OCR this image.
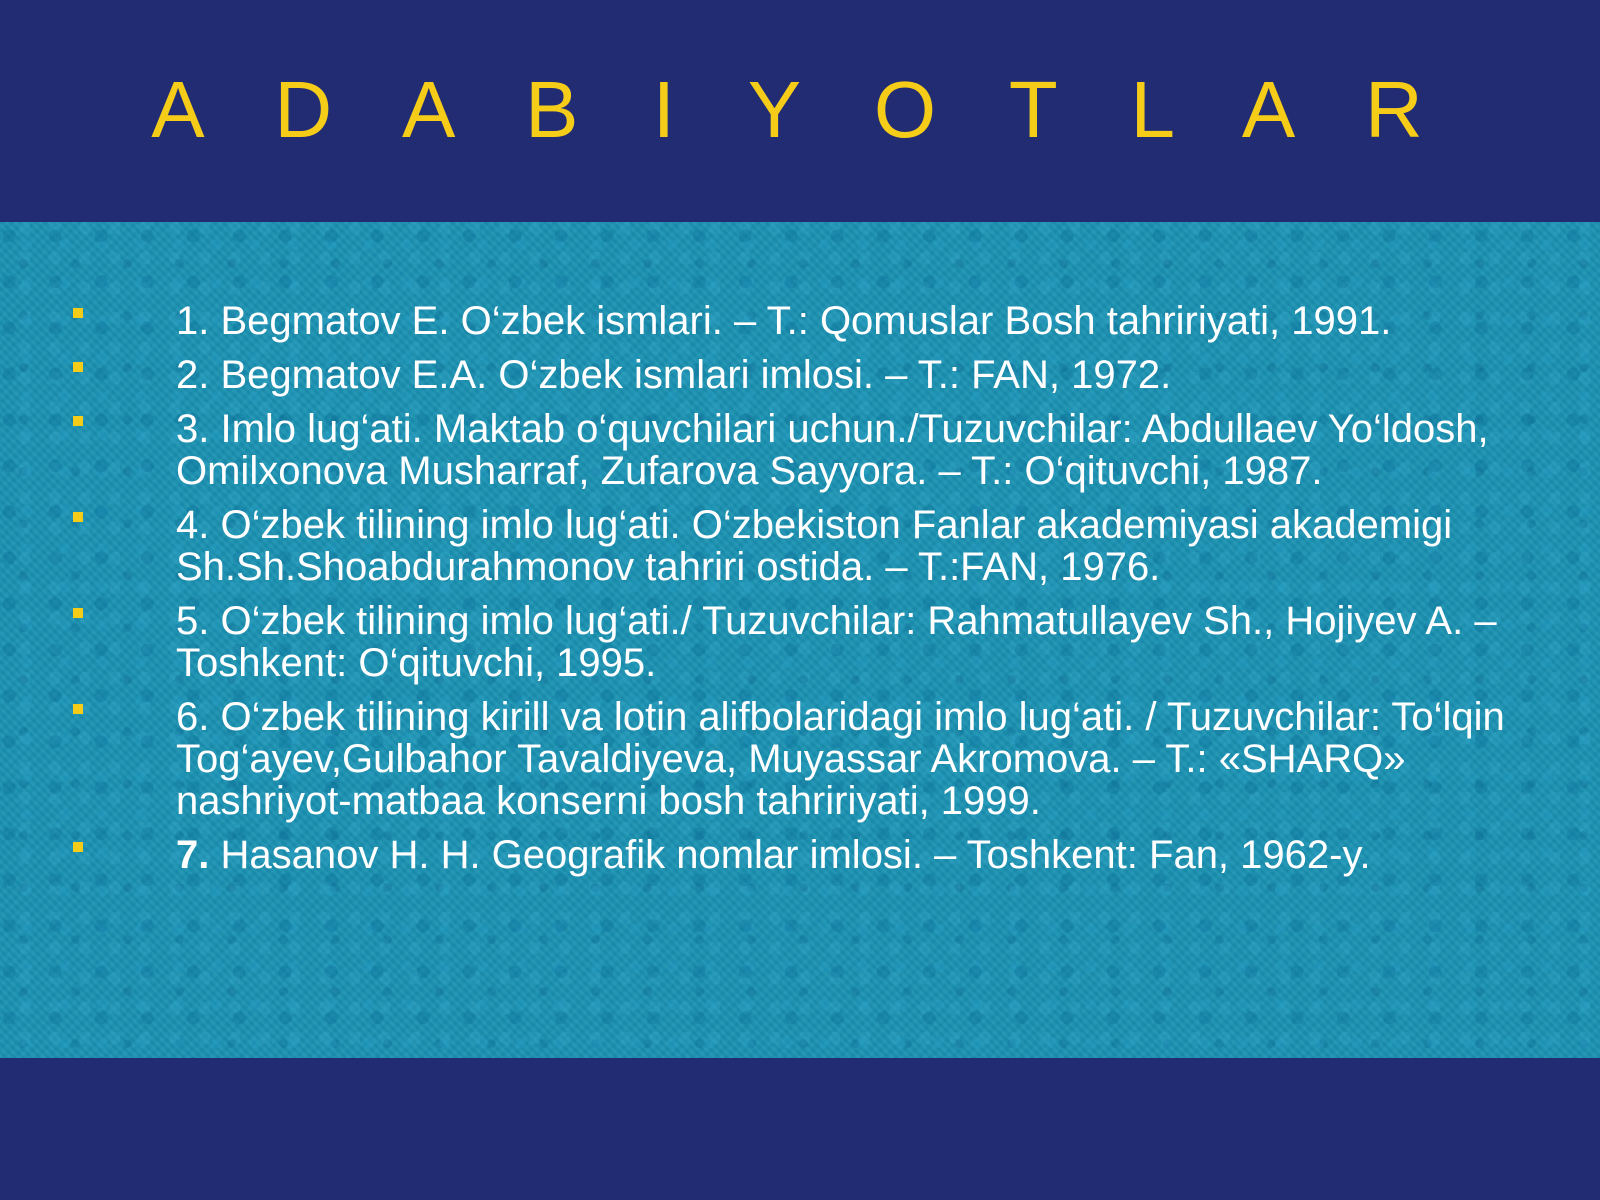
A D A B I Y O T L A R
1. Begmatov E. O‘zbek ismlari. – T.: Qomuslar Bosh tahririyati, 1991.
2. Begmatov E.A. O‘zbek ismlari imlosi. – T.: FAN, 1972.
3. Imlo lug‘ati. Maktab o‘quvchilari uchun./Tuzuvchilar: Abdullaev Yo‘ldosh, Omilxonova Musharraf, Zufarova Sayyora. – T.: O‘qituvchi, 1987.
4. O‘zbek tilining imlo lug‘ati. O‘zbekiston Fanlar akademiyasi akademigi Sh.Sh.Shoabdurahmonov tahriri ostida. – T.:FAN, 1976.
5. O‘zbek tilining imlo lug‘ati./ Tuzuvchilar: Rahmatullayev Sh., Hojiyev A. – Toshkent: O‘qituvchi, 1995.
6. O‘zbek tilining kirill va lotin alifbolaridagi imlo lug‘ati. / Tuzuvchilar: To‘lqin Tog‘ayev,Gulbahor Tavaldiyeva, Muyassar Akromova. – T.: «SHARQ» nashriyot-matbaa konserni bosh tahririyati, 1999.
7. Hasanov H. H. Geografik nomlar imlosi. – Toshkent: Fan, 1962-y.
